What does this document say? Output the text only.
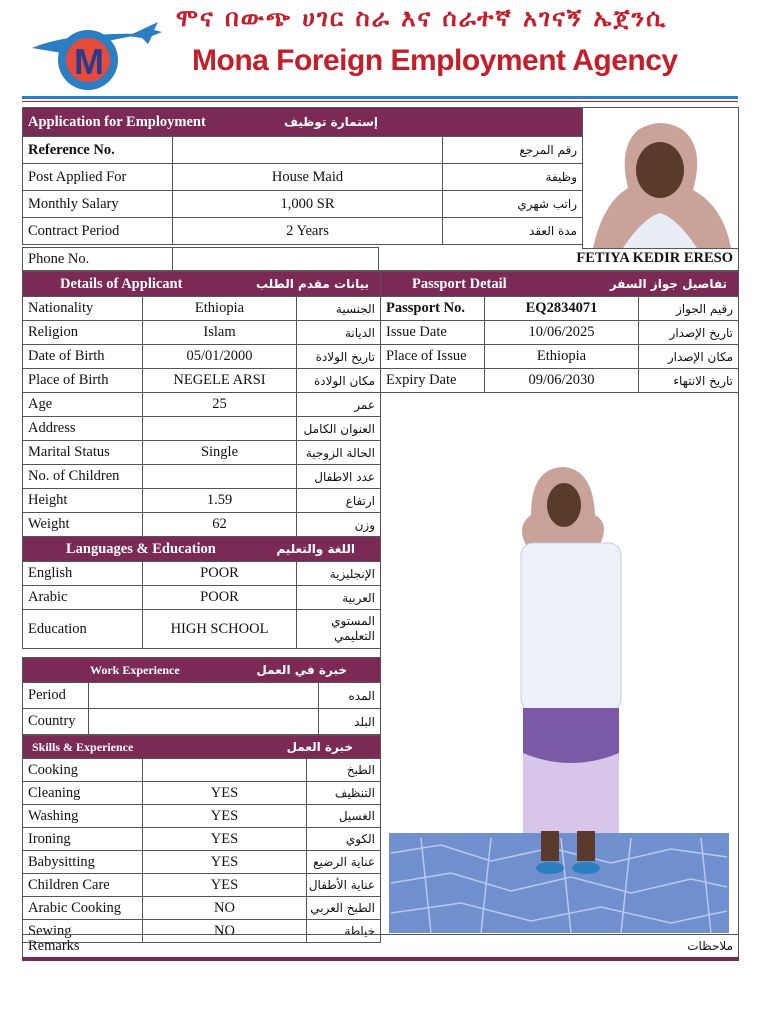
M
ሞና በውጭ ሀገር ስራ እና ሰራተኛ አገናኝ ኤጀንሲ
Mona Foreign Employment Agency
Application for Employment إستمارة توظيف		

Reference No.		رقم المرجع
Post Applied For	House Maid	وظيفة
Monthly Salary	1,000 SR	راتب شهري
Contract Period	2 Years	مدة العقد
Phone No.		FETIYA KEDIR ERESO
Details of Applicant بيانات مقدم الطلب		

Nationality	Ethiopia	الجنسية
Religion	Islam	الديانة
Date of Birth	05/01/2000	تاريخ الولادة
Place of Birth	NEGELE ARSI	مكان الولادة
Age	25	عمر
Address		العنوان الكامل
Marital Status	Single	الحالة الزوجية
No. of Children		عدد الاطفال
Height	1.59	ارتفاع
Weight	62	وزن

Languages & Education اللغة والتعليم		

English	POOR	الإنجليزية
Arabic	POOR	العربية
Education	HIGH SCHOOL	المستوي التعليمي
Work Experience خبرة في العمل		

Period		المده
Country		البلد
Skills & Experience خبرة العمل		

Cooking		الطبخ
Cleaning	YES	التنظيف
Washing	YES	الغسيل
Ironing	YES	الكوي
Babysitting	YES	عناية الرضيع
Children Care	YES	عناية الأطفال
Arabic Cooking	NO	الطبخ العربي
Sewing	NO	خياطة
Passport Detail تفاصيل جواز السفر		

Passport No.	EQ2834071	رقيم الجواز
Issue Date	10/06/2025	تاريخ الإصدار
Place of Issue	Ethiopia	مكان الإصدار
Expiry Date	09/06/2030	تاريخ الانتهاء
Remarks	ملاحظات
